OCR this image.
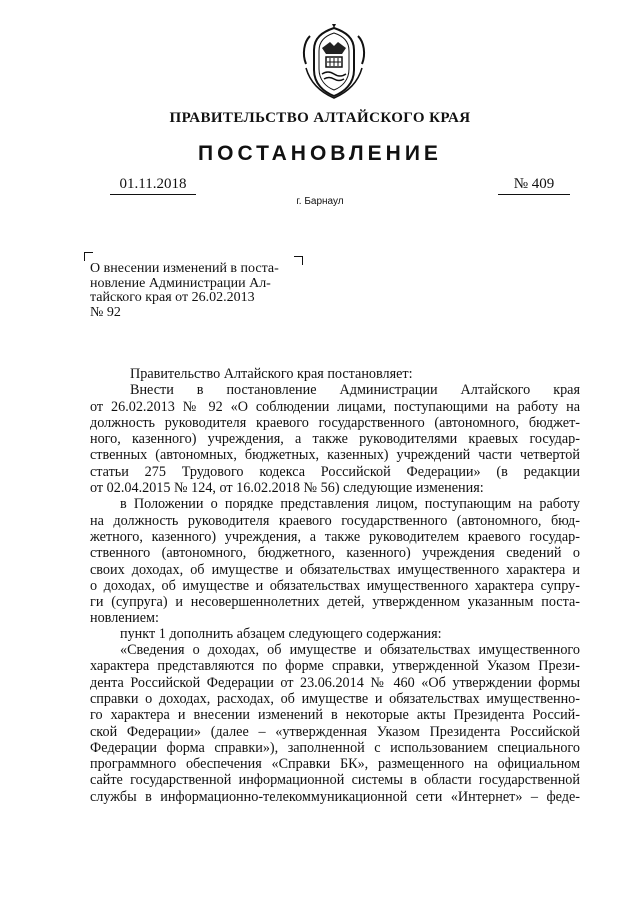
ПРАВИТЕЛЬСТВО АЛТАЙСКОГО КРАЯ
ПОСТАНОВЛЕНИЕ
01.11.2018	№ 409
г. Барнаул
О внесении изменений в поста-
новление Администрации Ал-
тайского края от 26.02.2013
№ 92
Правительство Алтайского края постановляет:
Внести в постановление Администрации Алтайского края
от 26.02.2013 № 92 «О соблюдении лицами, поступающими на работу на
должность руководителя краевого государственного (автономного, бюджет-
ного, казенного) учреждения, а также руководителями краевых государ-
ственных (автономных, бюджетных, казенных) учреждений части четвертой
статьи 275 Трудового кодекса Российской Федерации» (в редакции
от 02.04.2015 № 124, от 16.02.2018 № 56) следующие изменения:
в Положении о порядке представления лицом, поступающим на работу
на должность руководителя краевого государственного (автономного, бюд-
жетного, казенного) учреждения, а также руководителем краевого государ-
ственного (автономного, бюджетного, казенного) учреждения сведений о
своих доходах, об имуществе и обязательствах имущественного характера и
о доходах, об имуществе и обязательствах имущественного характера супру-
ги (супруга) и несовершеннолетних детей, утвержденном указанным поста-
новлением:
пункт 1 дополнить абзацем следующего содержания:
«Сведения о доходах, об имуществе и обязательствах имущественного
характера представляются по форме справки, утвержденной Указом Прези-
дента Российской Федерации от 23.06.2014 № 460 «Об утверждении формы
справки о доходах, расходах, об имуществе и обязательствах имущественно-
го характера и внесении изменений в некоторые акты Президента Россий-
ской Федерации» (далее – «утвержденная Указом Президента Российской
Федерации форма справки»), заполненной с использованием специального
программного обеспечения «Справки БК», размещенного на официальном
сайте государственной информационной системы в области государственной
службы в информационно-телекоммуникационной сети «Интернет» – феде-
